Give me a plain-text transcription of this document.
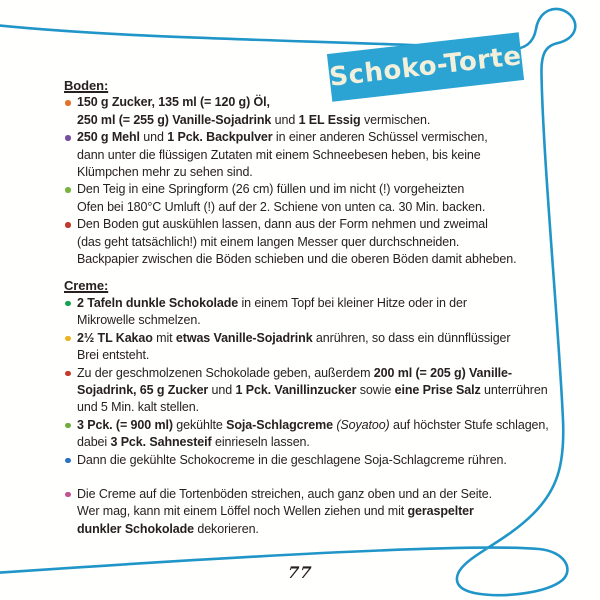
Schoko-Torte
Boden:
150 g Zucker, 135 ml (= 120 g) Öl,
250 ml (= 255 g) Vanille-Sojadrink und 1 EL Essig vermischen.
250 g Mehl und 1 Pck. Backpulver in einer anderen Schüssel vermischen,
dann unter die flüssigen Zutaten mit einem Schneebesen heben, bis keine
Klümpchen mehr zu sehen sind.
Den Teig in eine Springform (26 cm) füllen und im nicht (!) vorgeheizten
Ofen bei 180°C Umluft (!) auf der 2. Schiene von unten ca. 30 Min. backen.
Den Boden gut auskühlen lassen, dann aus der Form nehmen und zweimal
(das geht tatsächlich!) mit einem langen Messer quer durchschneiden.
Backpapier zwischen die Böden schieben und die oberen Böden damit abheben.
Creme:
2 Tafeln dunkle Schokolade in einem Topf bei kleiner Hitze oder in der
Mikrowelle schmelzen.
2½ TL Kakao mit etwas Vanille-Sojadrink anrühren, so dass ein dünnflüssiger
Brei entsteht.
Zu der geschmolzenen Schokolade geben, außerdem 200 ml (= 205 g) Vanille-
Sojadrink, 65 g Zucker und 1 Pck. Vanillinzucker sowie eine Prise Salz unterrühren
und 5 Min. kalt stellen.
3 Pck. (= 900 ml) gekühlte Soja-Schlagcreme (Soyatoo) auf höchster Stufe schlagen,
dabei 3 Pck. Sahnesteif einrieseln lassen.
Dann die gekühlte Schokocreme in die geschlagene Soja-Schlagcreme rühren.
Die Creme auf die Tortenböden streichen, auch ganz oben und an der Seite.
Wer mag, kann mit einem Löffel noch Wellen ziehen und mit geraspelter
dunkler Schokolade dekorieren.
77
